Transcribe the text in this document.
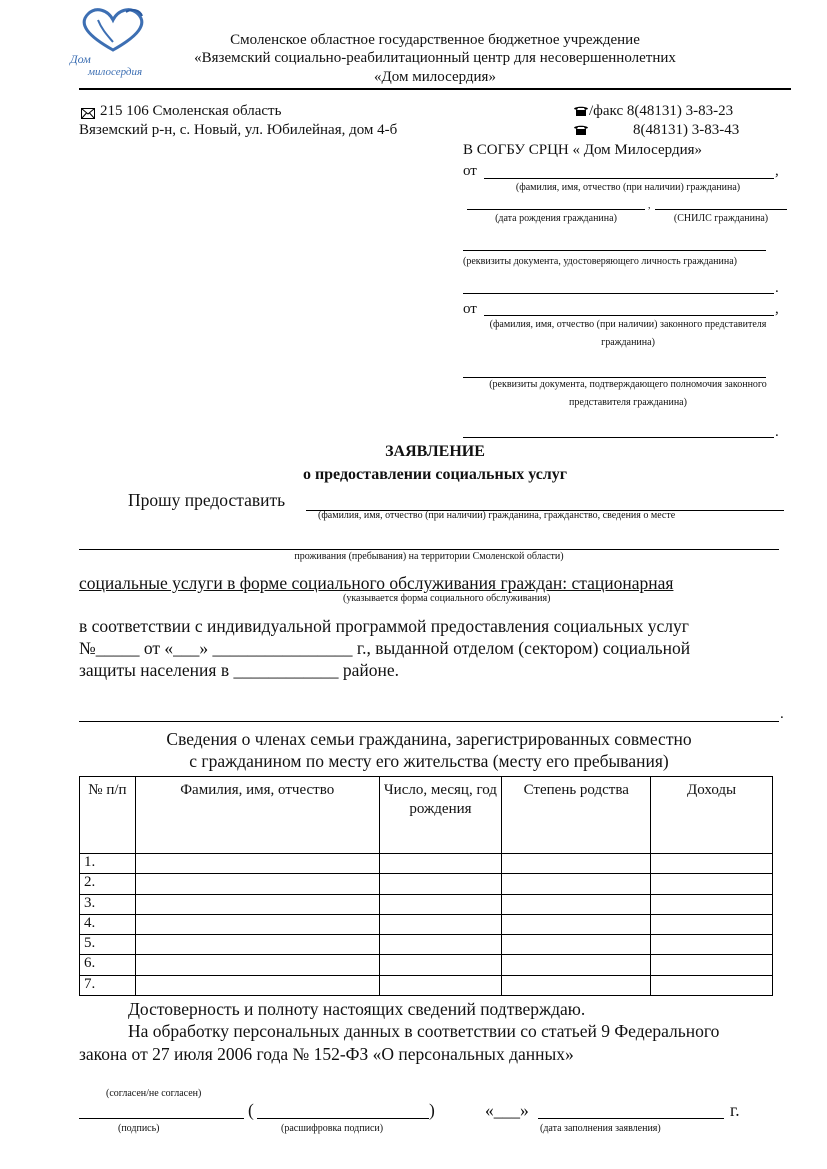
Дом
милосердия
Смоленское областное государственное бюджетное учреждение
«Вяземский социально-реабилитационный центр для несовершеннолетних
«Дом милосердия»
215 106 Смоленская область
Вяземский р-н, с. Новый, ул. Юбилейная, дом 4-б
/факс 8(48131) 3-83-23
8(48131) 3-83-43
В СОГБУ СРЦН « Дом Милосердия»
от	,
(фамилия, имя, отчество (при наличии) гражданина)
,
(дата рождения гражданина)	(СНИЛС гражданина)
(реквизиты документа, удостоверяющего личность гражданина)
.
от	,
(фамилия, имя, отчество (при наличии) законного представителя
гражданина)
(реквизиты документа, подтверждающего полномочия законного
представителя гражданина)
.
ЗАЯВЛЕНИЕ
о предоставлении социальных услуг
Прошу предоставить
(фамилия, имя, отчество (при наличии) гражданина, гражданство, сведения о месте
проживания (пребывания) на территории Смоленской области)
социальные услуги в форме социального обслуживания граждан: стационарная
(указывается форма социального обслуживания)
в соответствии с индивидуальной программой предоставления социальных услуг
№_____ от «___» ________________ г., выданной отделом (сектором) социальной
защиты населения в ____________ районе.
.
Сведения о членах семьи гражданина, зарегистрированных совместно
с гражданином по месту его жительства (месту его пребывания)
№ п/п	Фамилия, имя, отчество	Число, месяц, год рождения	Степень родства	Доходы
1.				
2.				
3.				
4.				
5.				
6.				
7.				
Достоверность и полноту настоящих сведений подтверждаю.
На обработку персональных данных в соответствии со статьей 9 Федерального
закона от 27 июля 2006 года № 152-ФЗ «О персональных данных»
(согласен/не согласен)
(	)	«___»	г.
(подпись)	(расшифровка подписи)	(дата заполнения заявления)
